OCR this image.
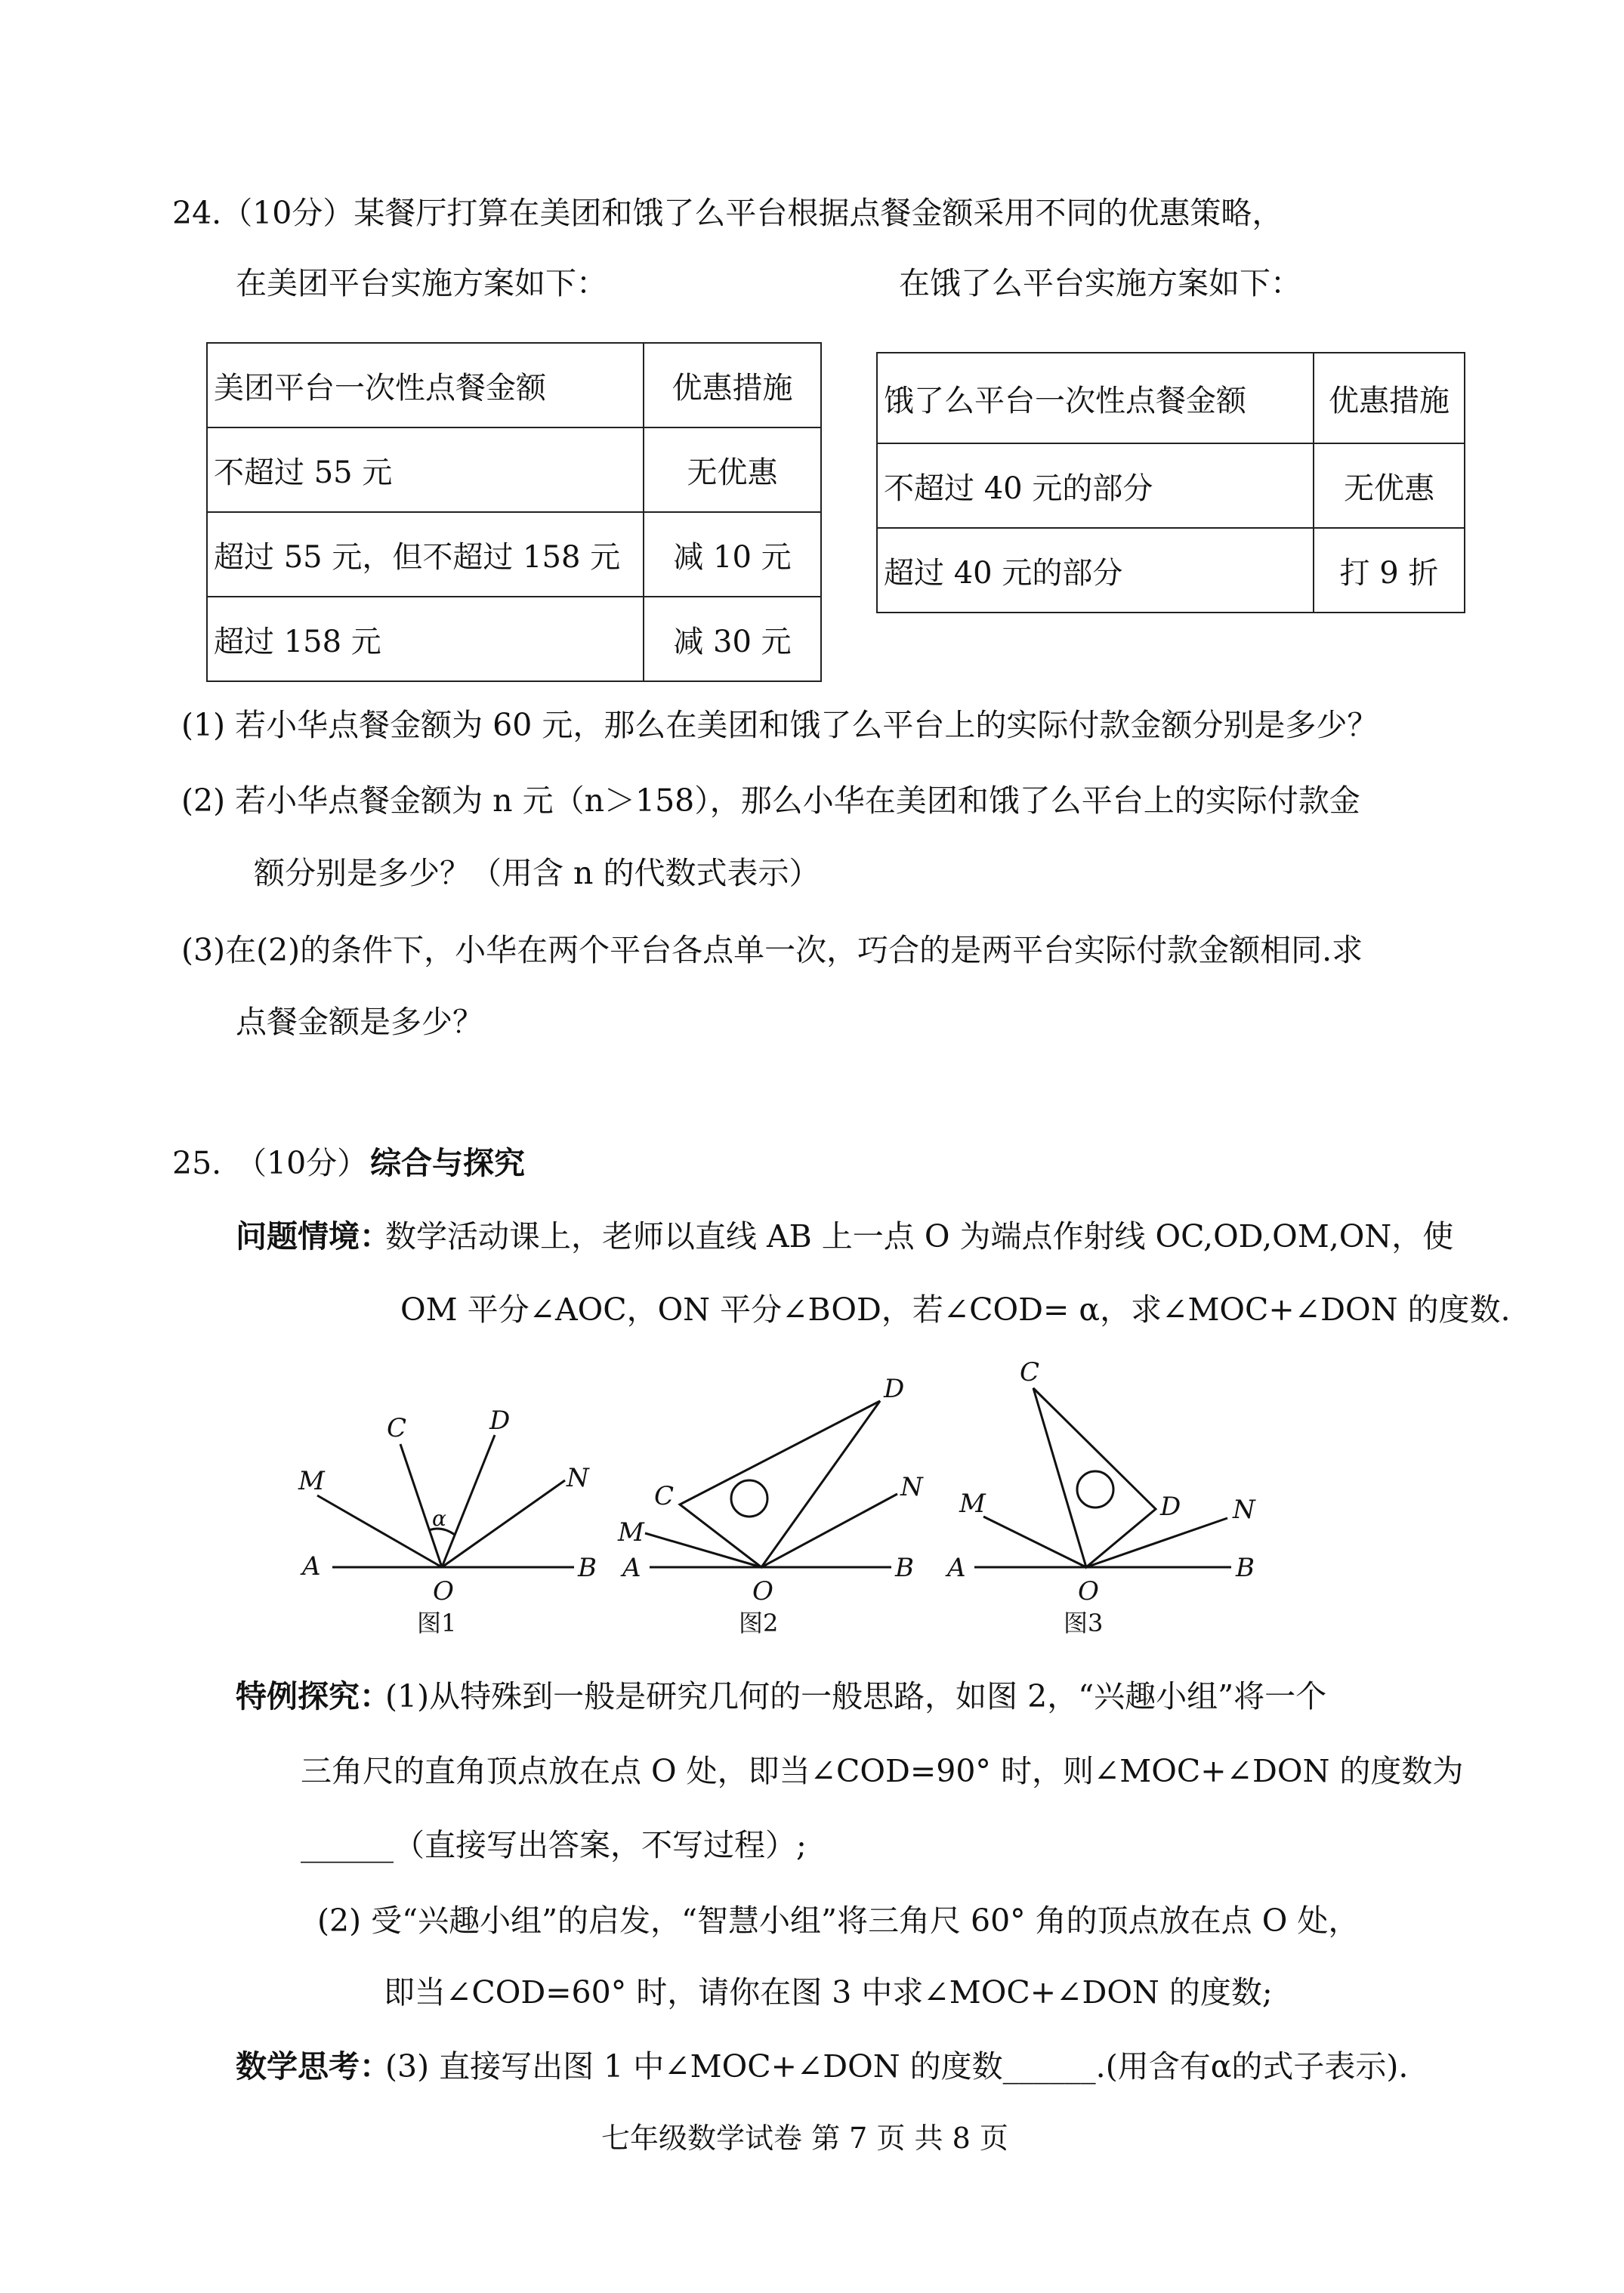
24.（10分）某餐厅打算在美团和饿了么平台根据点餐金额采用不同的优惠策略，
在美团平台实施方案如下：	在饿了么平台实施方案如下：
美团平台一次性点餐金额	优惠措施
不超过 55 元	无优惠
超过 55 元，但不超过 158 元	减 10 元
超过 158 元	减 30 元
饿了么平台一次性点餐金额	优惠措施
不超过 40 元的部分	无优惠
超过 40 元的部分	打 9 折
(1) 若小华点餐金额为 60 元，那么在美团和饿了么平台上的实际付款金额分别是多少？
(2) 若小华点餐金额为 n 元（n＞158），那么小华在美团和饿了么平台上的实际付款金
额分别是多少？（用含 n 的代数式表示）
(3)在(2)的条件下，小华在两个平台各点单一次，巧合的是两平台实际付款金额相同.求
点餐金额是多少？
25. （10分） 综合与探究
问题情境：
数学活动课上，老师以直线 AB 上一点 O 为端点作射线 OC,OD,OM,ON，使
OM 平分∠AOC，ON 平分∠BOD，若∠COD= α，求∠MOC+∠DON 的度数.
A	B
O
M
C	D
N
α
图1
A	B
O
M
C
D
N
图2
A	B
O
M
C
D N
图3
特例探究：
(1)从特殊到一般是研究几何的一般思路，如图 2，“兴趣小组”将一个
三角尺的直角顶点放在点 O 处，即当∠COD=90° 时，则∠MOC+∠DON 的度数为
______（直接写出答案，不写过程）;
(2) 受“兴趣小组”的启发，“智慧小组”将三角尺 60° 角的顶点放在点 O 处，
即当∠COD=60° 时，请你在图 3 中求∠MOC+∠DON 的度数;
数学思考：
(3) 直接写出图 1 中∠MOC+∠DON 的度数______.(用含有α的式子表示).
七年级数学试卷 第 7 页 共 8 页
